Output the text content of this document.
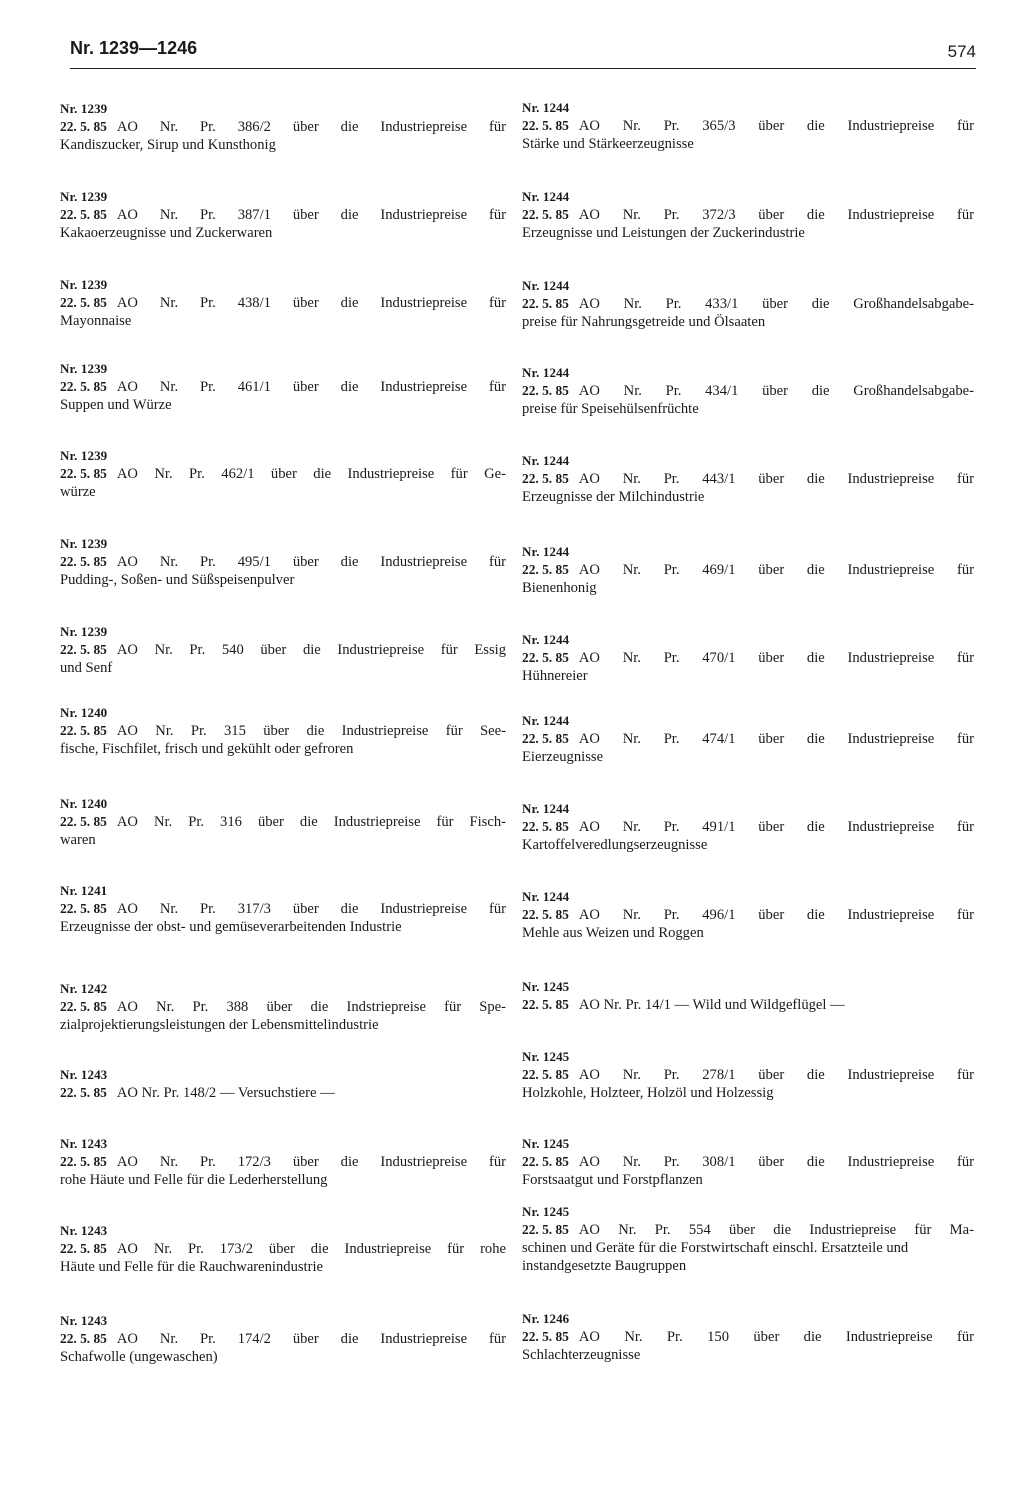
Nr. 1239—1246	574
Nr. 1239
22. 5. 85 AO Nr. Pr. 386/2 über die Industriepreise für
Kandiszucker, Sirup und Kunsthonig
Nr. 1239
22. 5. 85 AO Nr. Pr. 387/1 über die Industriepreise für
Kakaoerzeugnisse und Zuckerwaren
Nr. 1239
22. 5. 85 AO Nr. Pr. 438/1 über die Industriepreise für
Mayonnaise
Nr. 1239
22. 5. 85 AO Nr. Pr. 461/1 über die Industriepreise für
Suppen und Würze
Nr. 1239
22. 5. 85 AO Nr. Pr. 462/1 über die Industriepreise für Ge-
würze
Nr. 1239
22. 5. 85 AO Nr. Pr. 495/1 über die Industriepreise für
Pudding-, Soßen- und Süßspeisenpulver
Nr. 1239
22. 5. 85 AO Nr. Pr. 540 über die Industriepreise für Essig
und Senf
Nr. 1240
22. 5. 85 AO Nr. Pr. 315 über die Industriepreise für See-
fische, Fischfilet, frisch und gekühlt oder gefroren
Nr. 1240
22. 5. 85 AO Nr. Pr. 316 über die Industriepreise für Fisch-
waren
Nr. 1241
22. 5. 85 AO Nr. Pr. 317/3 über die Industriepreise für
Erzeugnisse der obst- und gemüseverarbeitenden Industrie
Nr. 1242
22. 5. 85 AO Nr. Pr. 388 über die Indstriepreise für Spe-
zialprojektierungsleistungen der Lebensmittelindustrie
Nr. 1243
22. 5. 85 AO Nr. Pr. 148/2 — Versuchstiere —
Nr. 1243
22. 5. 85 AO Nr. Pr. 172/3 über die Industriepreise für
rohe Häute und Felle für die Lederherstellung
Nr. 1243
22. 5. 85 AO Nr. Pr. 173/2 über die Industriepreise für rohe
Häute und Felle für die Rauchwarenindustrie
Nr. 1243
22. 5. 85 AO Nr. Pr. 174/2 über die Industriepreise für
Schafwolle (ungewaschen)
Nr. 1244
22. 5. 85 AO Nr. Pr. 365/3 über die Industriepreise für
Stärke und Stärkeerzeugnisse
Nr. 1244
22. 5. 85 AO Nr. Pr. 372/3 über die Industriepreise für
Erzeugnisse und Leistungen der Zuckerindustrie
Nr. 1244
22. 5. 85 AO Nr. Pr. 433/1 über die Großhandelsabgabe-
preise für Nahrungsgetreide und Ölsaaten
Nr. 1244
22. 5. 85 AO Nr. Pr. 434/1 über die Großhandelsabgabe-
preise für Speisehülsenfrüchte
Nr. 1244
22. 5. 85 AO Nr. Pr. 443/1 über die Industriepreise für
Erzeugnisse der Milchindustrie
Nr. 1244
22. 5. 85 AO Nr. Pr. 469/1 über die Industriepreise für
Bienenhonig
Nr. 1244
22. 5. 85 AO Nr. Pr. 470/1 über die Industriepreise für
Hühnereier
Nr. 1244
22. 5. 85 AO Nr. Pr. 474/1 über die Industriepreise für
Eierzeugnisse
Nr. 1244
22. 5. 85 AO Nr. Pr. 491/1 über die Industriepreise für
Kartoffelveredlungserzeugnisse
Nr. 1244
22. 5. 85 AO Nr. Pr. 496/1 über die Industriepreise für
Mehle aus Weizen und Roggen
Nr. 1245
22. 5. 85 AO Nr. Pr. 14/1 — Wild und Wildgeflügel —
Nr. 1245
22. 5. 85 AO Nr. Pr. 278/1 über die Industriepreise für
Holzkohle, Holzteer, Holzöl und Holzessig
Nr. 1245
22. 5. 85 AO Nr. Pr. 308/1 über die Industriepreise für
Forstsaatgut und Forstpflanzen
Nr. 1245
22. 5. 85 AO Nr. Pr. 554 über die Industriepreise für Ma-
schinen und Geräte für die Forstwirtschaft einschl. Ersatzteile und instandgesetzte Baugruppen
Nr. 1246
22. 5. 85 AO Nr. Pr. 150 über die Industriepreise für
Schlachterzeugnisse
